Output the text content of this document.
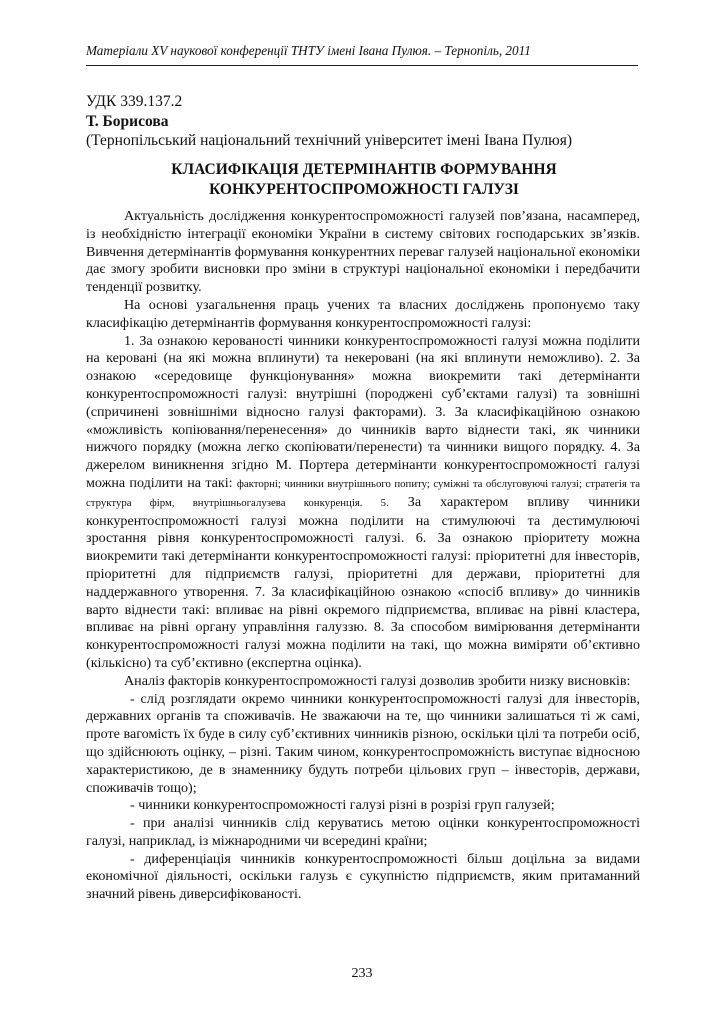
Матеріали XV наукової конференції ТНТУ імені Івана Пулюя. – Тернопіль, 2011
УДК 339.137.2
Т. Борисова
(Тернопільський національний технічний університет імені Івана Пулюя)
КЛАСИФІКАЦІЯ ДЕТЕРМІНАНТІВ ФОРМУВАННЯ
КОНКУРЕНТОСПРОМОЖНОСТІ ГАЛУЗІ

Актуальність дослідження конкурентоспроможності галузей пов’язана, насамперед, із необхідністю інтеграції економіки України в систему світових господарських зв’язків. Вивчення детермінантів формування конкурентних переваг галузей національної економіки дає змогу зробити висновки про зміни в структурі національної економіки і передбачити тенденції розвитку.

На основі узагальнення праць учених та власних досліджень пропонуємо таку класифікацію детермінантів формування конкурентоспроможності галузі:

1. За ознакою керованості чинники конкурентоспроможності галузі можна поділити на керовані (на які можна вплинути) та некеровані (на які вплинути неможливо). 2. За ознакою «середовище функціонування» можна виокремити такі детермінанти конкурентоспроможності галузі: внутрішні (породжені суб’єктами галузі) та зовнішні (спричинені зовнішніми відносно галузі факторами). 3. За класифікаційною ознакою «можливість копіювання/перенесення» до чинників варто віднести такі, як чинники нижчого порядку (можна легко скопіювати/перенести) та чинники вищого порядку. 4. За джерелом виникнення згідно М. Портера детермінанти конкурентоспроможності галузі можна поділити на такі: факторні; чинники внутрішнього попиту; суміжні та обслуговуючі галузі; стратегія та структура фірм, внутрішньогалузева конкуренція. 5. За характером впливу чинники конкурентоспроможності галузі можна поділити на стимулюючі та дестимулюючі зростання рівня конкурентоспроможності галузі. 6. За ознакою пріоритету можна виокремити такі детермінанти конкурентоспроможності галузі: пріоритетні для інвесторів, пріоритетні для підприємств галузі, пріоритетні для держави, пріоритетні для наддержавного утворення. 7. За класифікаційною ознакою «спосіб впливу» до чинників варто віднести такі: впливає на рівні окремого підприємства, впливає на рівні кластера, впливає на рівні органу управління галуззю. 8. За способом вимірювання детермінанти конкурентоспроможності галузі можна поділити на такі, що можна виміряти об’єктивно (кількісно) та суб’єктивно (експертна оцінка).

Аналіз факторів конкурентоспроможності галузі дозволив зробити низку висновків:

- слід розглядати окремо чинники конкурентоспроможності галузі для інвесторів, державних органів та споживачів. Не зважаючи на те, що чинники залишаться ті ж самі, проте вагомість їх буде в силу суб’єктивних чинників різною, оскільки цілі та потреби осіб, що здійснюють оцінку, – різні. Таким чином, конкурентоспроможність виступає відносною характеристикою, де в знаменнику будуть потреби цільових груп – інвесторів, держави, споживачів тощо);

- чинники конкурентоспроможності галузі різні в розрізі груп галузей;

- при аналізі чинників слід керуватись метою оцінки конкурентоспроможності галузі, наприклад, із міжнародними чи всередині країни;

- диференціація чинників конкурентоспроможності більш доцільна за видами економічної діяльності, оскільки галузь є сукупністю підприємств, яким притаманний значний рівень диверсифікованості.

233
